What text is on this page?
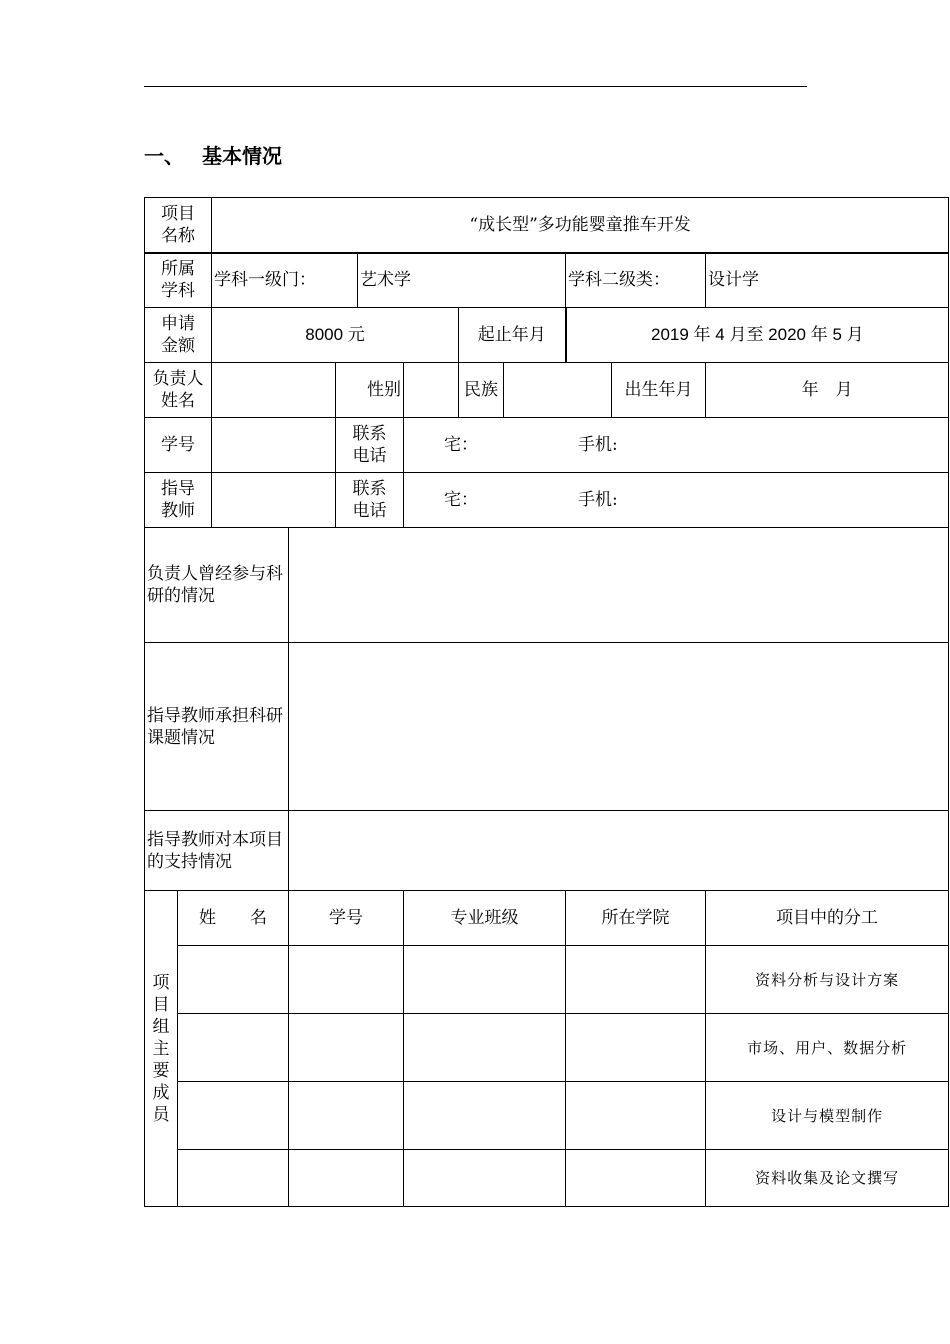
一、 基本情况
项目名称		“成长型”多功能婴童推车开发									

所属学科		学科一级门：			艺术学				学科二级类：		设计学

申请金额		8000 元					起止年月		2019 年 4 月至 2020 年 5 月		

负责人姓名				性别			民族			出生年月	年　月
学号				联系电话		宅： 手机:					

指导教师				联系电话		宅： 手机:					
负责人曾经参与科研的情况											
指导教师承担科研课题情况											
指导教师对本项目的支持情况											

项目组主要成员	姓　　名		学号			专业班级			所在学院		项目中的分工
											资料分析与设计方案
											市场、用户、数据分析
											设计与模型制作
											资料收集及论文撰写
